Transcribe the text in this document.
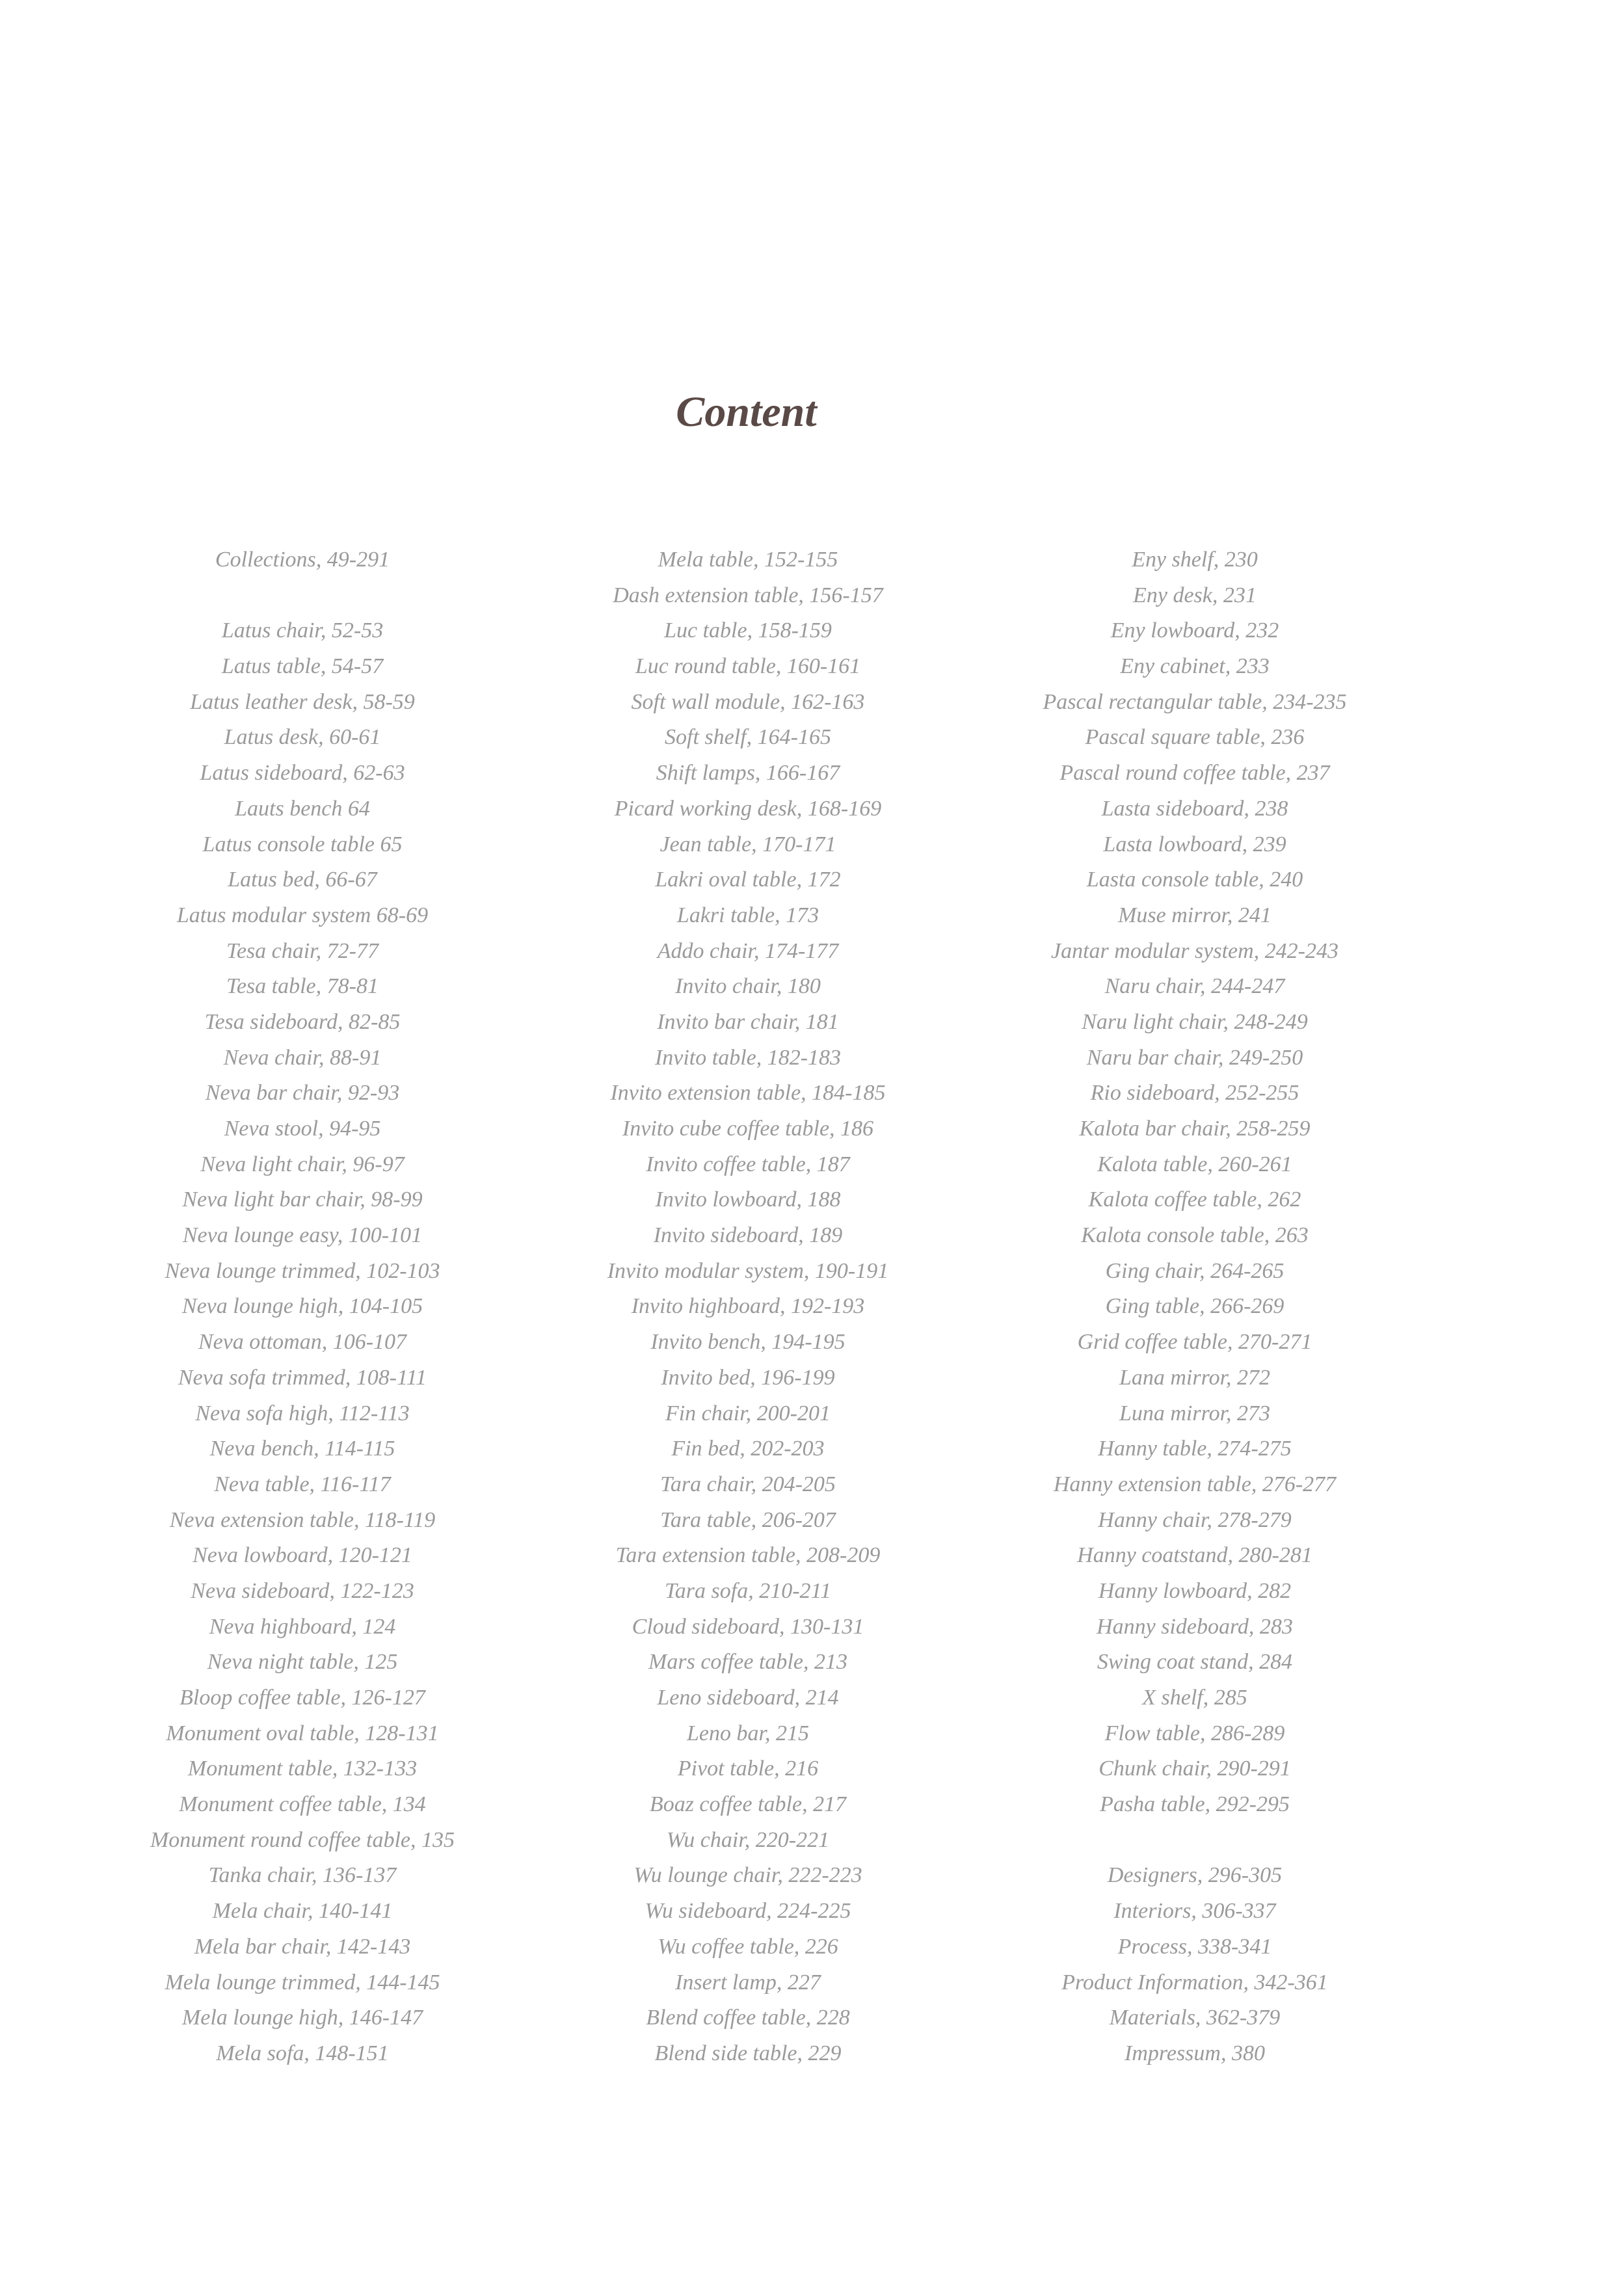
Content
Collections, 49-291
Latus chair, 52-53
Latus table, 54-57
Latus leather desk, 58-59
Latus desk, 60-61
Latus sideboard, 62-63
Lauts bench 64
Latus console table 65
Latus bed, 66-67
Latus modular system 68-69
Tesa chair, 72-77
Tesa table, 78-81
Tesa sideboard, 82-85
Neva chair, 88-91
Neva bar chair, 92-93
Neva stool, 94-95
Neva light chair, 96-97
Neva light bar chair, 98-99
Neva lounge easy, 100-101
Neva lounge trimmed, 102-103
Neva lounge high, 104-105
Neva ottoman, 106-107
Neva sofa trimmed, 108-111
Neva sofa high, 112-113
Neva bench, 114-115
Neva table, 116-117
Neva extension table, 118-119
Neva lowboard, 120-121
Neva sideboard, 122-123
Neva highboard, 124
Neva night table, 125
Bloop coffee table, 126-127
Monument oval table, 128-131
Monument table, 132-133
Monument coffee table, 134
Monument round coffee table, 135
Tanka chair, 136-137
Mela chair, 140-141
Mela bar chair, 142-143
Mela lounge trimmed, 144-145
Mela lounge high, 146-147
Mela sofa, 148-151
Mela table, 152-155
Dash extension table, 156-157
Luc table, 158-159
Luc round table, 160-161
Soft wall module, 162-163
Soft shelf, 164-165
Shift lamps, 166-167
Picard working desk, 168-169
Jean table, 170-171
Lakri oval table, 172
Lakri table, 173
Addo chair, 174-177
Invito chair, 180
Invito bar chair, 181
Invito table, 182-183
Invito extension table, 184-185
Invito cube coffee table, 186
Invito coffee table, 187
Invito lowboard, 188
Invito sideboard, 189
Invito modular system, 190-191
Invito highboard, 192-193
Invito bench, 194-195
Invito bed, 196-199
Fin chair, 200-201
Fin bed, 202-203
Tara chair, 204-205
Tara table, 206-207
Tara extension table, 208-209
Tara sofa, 210-211
Cloud sideboard, 130-131
Mars coffee table, 213
Leno sideboard, 214
Leno bar, 215
Pivot table, 216
Boaz coffee table, 217
Wu chair, 220-221
Wu lounge chair, 222-223
Wu sideboard, 224-225
Wu coffee table, 226
Insert lamp, 227
Blend coffee table, 228
Blend side table, 229
Eny shelf, 230
Eny desk, 231
Eny lowboard, 232
Eny cabinet, 233
Pascal rectangular table, 234-235
Pascal square table, 236
Pascal round coffee table, 237
Lasta sideboard, 238
Lasta lowboard, 239
Lasta console table, 240
Muse mirror, 241
Jantar modular system, 242-243
Naru chair, 244-247
Naru light chair, 248-249
Naru bar chair, 249-250
Rio sideboard, 252-255
Kalota bar chair, 258-259
Kalota table, 260-261
Kalota coffee table, 262
Kalota console table, 263
Ging chair, 264-265
Ging table, 266-269
Grid coffee table, 270-271
Lana mirror, 272
Luna mirror, 273
Hanny table, 274-275
Hanny extension table, 276-277
Hanny chair, 278-279
Hanny coatstand, 280-281
Hanny lowboard, 282
Hanny sideboard, 283
Swing coat stand, 284
X shelf, 285
Flow table, 286-289
Chunk chair, 290-291
Pasha table, 292-295
Designers, 296-305
Interiors, 306-337
Process, 338-341
Product Information, 342-361
Materials, 362-379
Impressum, 380
